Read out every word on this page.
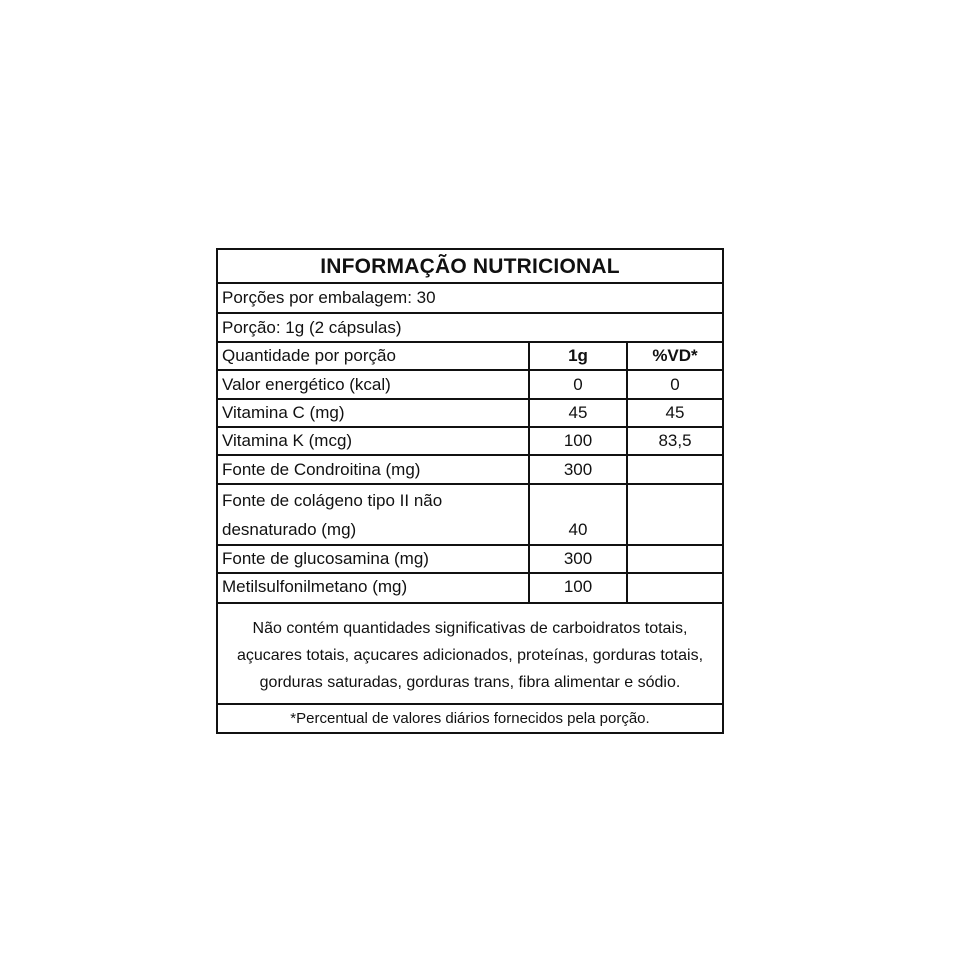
INFORMAÇÃO NUTRICIONAL
Porções por embalagem: 30
Porção: 1g (2 cápsulas)
Quantidade por porção	1g	%VD*
Valor energético (kcal)	0	0
Vitamina C (mg)	45	45
Vitamina K (mcg)	100	83,5
Fonte de Condroitina (mg)	300
Fonte de colágeno tipo II não desnaturado (mg)	40
Fonte de glucosamina (mg)	300
Metilsulfonilmetano (mg)	100
Não contém quantidades significativas de carboidratos totais,
açucares totais, açucares adicionados, proteínas, gorduras totais,
gorduras saturadas, gorduras trans, fibra alimentar e sódio.
*Percentual de valores diários fornecidos pela porção.
